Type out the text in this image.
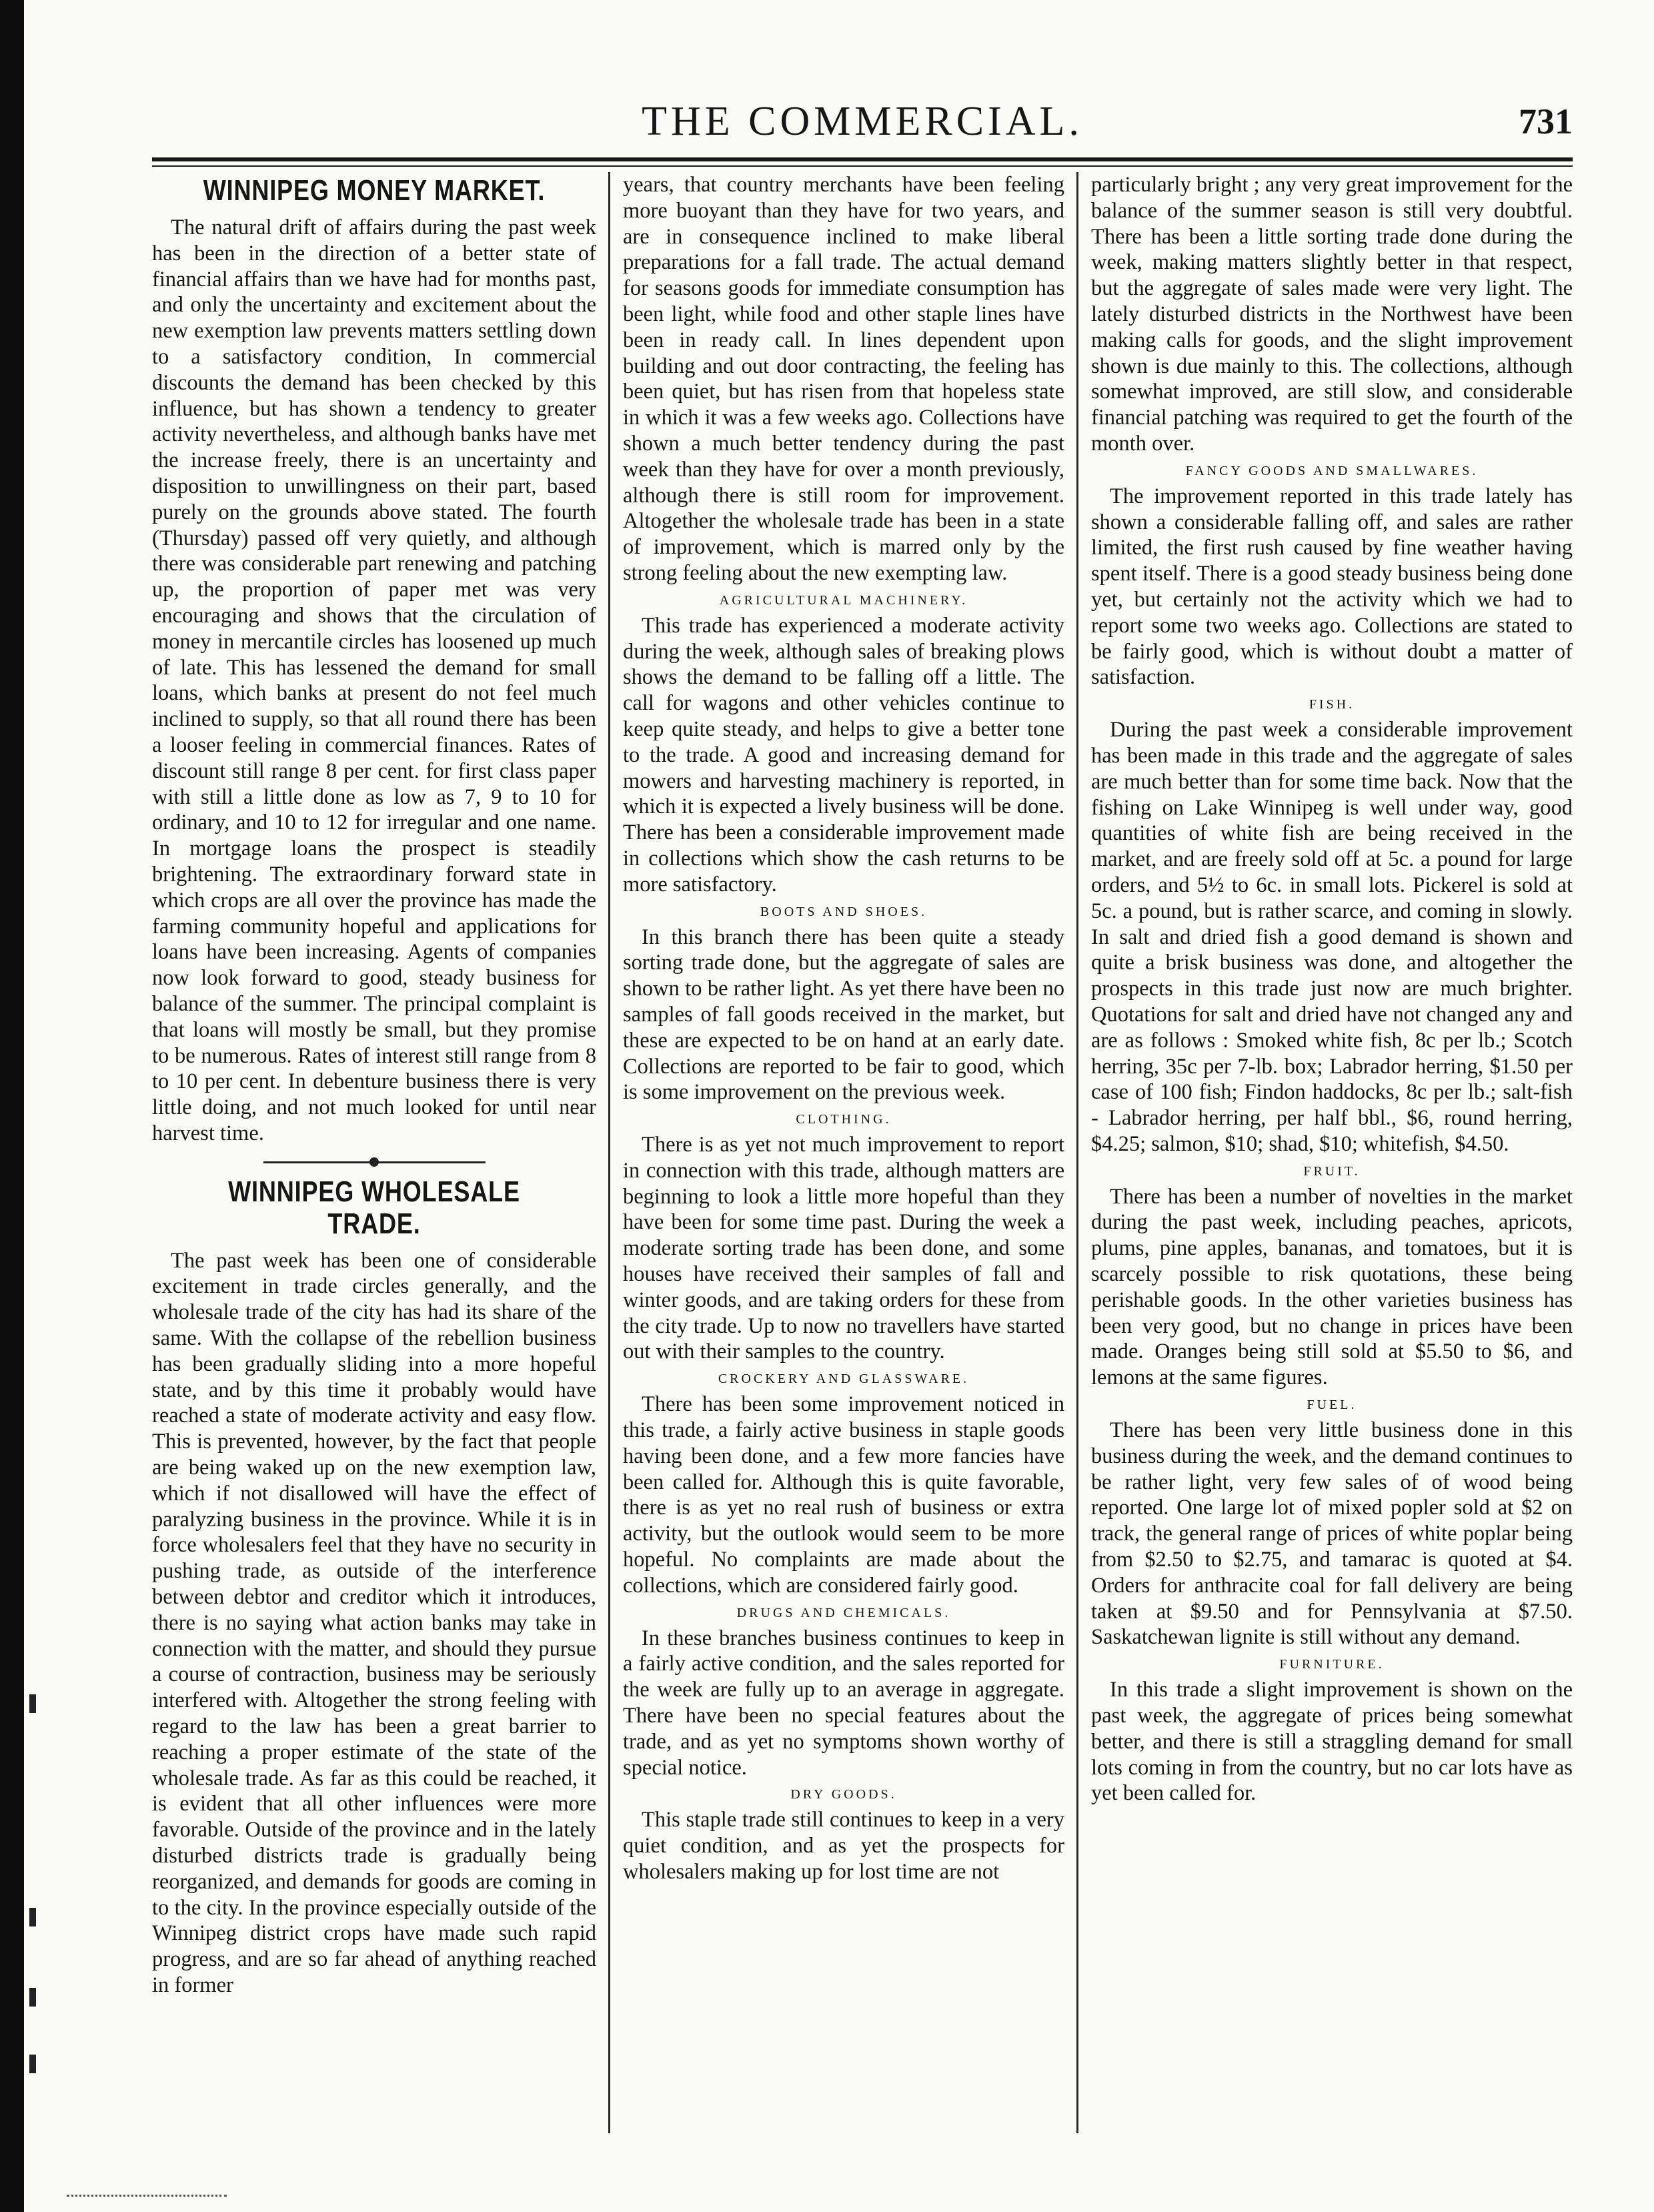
THE COMMERCIAL.	731
WINNIPEG MONEY MARKET.

The natural drift of affairs during the past week has been in the direction of a better state of financial affairs than we have had for months past, and only the uncertainty and excitement about the new exemption law prevents matters settling down to a satisfactory condition, In commercial discounts the demand has been checked by this influence, but has shown a tendency to greater activity nevertheless, and although banks have met the increase freely, there is an uncertainty and disposition to unwillingness on their part, based purely on the grounds above stated. The fourth (Thursday) passed off very quietly, and although there was considerable part renewing and patching up, the proportion of paper met was very encouraging and shows that the circulation of money in mercantile circles has loosened up much of late. This has lessened the demand for small loans, which banks at present do not feel much inclined to supply, so that all round there has been a looser feeling in commercial finances. Rates of discount still range 8 per cent. for first class paper with still a little done as low as 7, 9 to 10 for ordinary, and 10 to 12 for irregular and one name. In mortgage loans the prospect is steadily brightening. The extraordinary forward state in which crops are all over the province has made the farming community hopeful and applications for loans have been increasing. Agents of companies now look forward to good, steady business for balance of the summer. The principal complaint is that loans will mostly be small, but they promise to be numerous. Rates of interest still range from 8 to 10 per cent. In debenture business there is very little doing, and not much looked for until near harvest time.

WINNIPEG WHOLESALE TRADE.

The past week has been one of considerable excitement in trade circles generally, and the wholesale trade of the city has had its share of the same. With the collapse of the rebellion business has been gradually sliding into a more hopeful state, and by this time it probably would have reached a state of moderate activity and easy flow. This is prevented, however, by the fact that people are being waked up on the new exemption law, which if not disallowed will have the effect of paralyzing business in the province. While it is in force wholesalers feel that they have no security in pushing trade, as outside of the interference between debtor and creditor which it introduces, there is no saying what action banks may take in connection with the matter, and should they pursue a course of contraction, business may be seriously interfered with. Altogether the strong feeling with regard to the law has been a great barrier to reaching a proper estimate of the state of the wholesale trade. As far as this could be reached, it is evident that all other influences were more favorable. Outside of the province and in the lately disturbed districts trade is gradually being reorganized, and demands for goods are coming in to the city. In the province especially outside of the Winnipeg district crops have made such rapid progress, and are so far ahead of anything reached in former

years, that country merchants have been feeling more buoyant than they have for two years, and are in consequence inclined to make liberal preparations for a fall trade. The actual demand for seasons goods for immediate consumption has been light, while food and other staple lines have been in ready call. In lines dependent upon building and out door contracting, the feeling has been quiet, but has risen from that hopeless state in which it was a few weeks ago. Collections have shown a much better tendency during the past week than they have for over a month previously, although there is still room for improvement. Altogether the wholesale trade has been in a state of improvement, which is marred only by the strong feeling about the new exempting law.

AGRICULTURAL MACHINERY.

This trade has experienced a moderate activity during the week, although sales of breaking plows shows the demand to be falling off a little. The call for wagons and other vehicles continue to keep quite steady, and helps to give a better tone to the trade. A good and increasing demand for mowers and harvesting machinery is reported, in which it is expected a lively business will be done. There has been a considerable improvement made in collections which show the cash returns to be more satisfactory.

BOOTS AND SHOES.

In this branch there has been quite a steady sorting trade done, but the aggregate of sales are shown to be rather light. As yet there have been no samples of fall goods received in the market, but these are expected to be on hand at an early date. Collections are reported to be fair to good, which is some improvement on the previous week.

CLOTHING.

There is as yet not much improvement to report in connection with this trade, although matters are beginning to look a little more hopeful than they have been for some time past. During the week a moderate sorting trade has been done, and some houses have received their samples of fall and winter goods, and are taking orders for these from the city trade. Up to now no travellers have started out with their samples to the country.

CROCKERY AND GLASSWARE.

There has been some improvement noticed in this trade, a fairly active business in staple goods having been done, and a few more fancies have been called for. Although this is quite favorable, there is as yet no real rush of business or extra activity, but the outlook would seem to be more hopeful. No complaints are made about the collections, which are considered fairly good.

DRUGS AND CHEMICALS.

In these branches business continues to keep in a fairly active condition, and the sales reported for the week are fully up to an average in aggregate. There have been no special features about the trade, and as yet no symptoms shown worthy of special notice.

DRY GOODS.

This staple trade still continues to keep in a very quiet condition, and as yet the prospects for wholesalers making up for lost time are not

particularly bright ; any very great improvement for the balance of the summer season is still very doubtful. There has been a little sorting trade done during the week, making matters slightly better in that respect, but the aggregate of sales made were very light. The lately disturbed districts in the Northwest have been making calls for goods, and the slight improvement shown is due mainly to this. The collections, although somewhat improved, are still slow, and considerable financial patching was required to get the fourth of the month over.

FANCY GOODS AND SMALLWARES.

The improvement reported in this trade lately has shown a considerable falling off, and sales are rather limited, the first rush caused by fine weather having spent itself. There is a good steady business being done yet, but certainly not the activity which we had to report some two weeks ago. Collections are stated to be fairly good, which is without doubt a matter of satisfaction.

FISH.

During the past week a considerable improvement has been made in this trade and the aggregate of sales are much better than for some time back. Now that the fishing on Lake Winnipeg is well under way, good quantities of white fish are being received in the market, and are freely sold off at 5c. a pound for large orders, and 5½ to 6c. in small lots. Pickerel is sold at 5c. a pound, but is rather scarce, and coming in slowly. In salt and dried fish a good demand is shown and quite a brisk business was done, and altogether the prospects in this trade just now are much brighter. Quotations for salt and dried have not changed any and are as follows : Smoked white fish, 8c per lb.; Scotch herring, 35c per 7-lb. box; Labrador herring, $1.50 per case of 100 fish; Findon haddocks, 8c per lb.; salt-fish - Labrador herring, per half bbl., $6, round herring, $4.25; salmon, $10; shad, $10; whitefish, $4.50.

FRUIT.

There has been a number of novelties in the market during the past week, including peaches, apricots, plums, pine apples, bananas, and tomatoes, but it is scarcely possible to risk quotations, these being perishable goods. In the other varieties business has been very good, but no change in prices have been made. Oranges being still sold at $5.50 to $6, and lemons at the same figures.

FUEL.

There has been very little business done in this business during the week, and the demand continues to be rather light, very few sales of of wood being reported. One large lot of mixed popler sold at $2 on track, the general range of prices of white poplar being from $2.50 to $2.75, and tamarac is quoted at $4. Orders for anthracite coal for fall delivery are being taken at $9.50 and for Pennsylvania at $7.50. Saskatchewan lignite is still without any demand.

FURNITURE.

In this trade a slight improvement is shown on the past week, the aggregate of prices being somewhat better, and there is still a straggling demand for small lots coming in from the country, but no car lots have as yet been called for.
